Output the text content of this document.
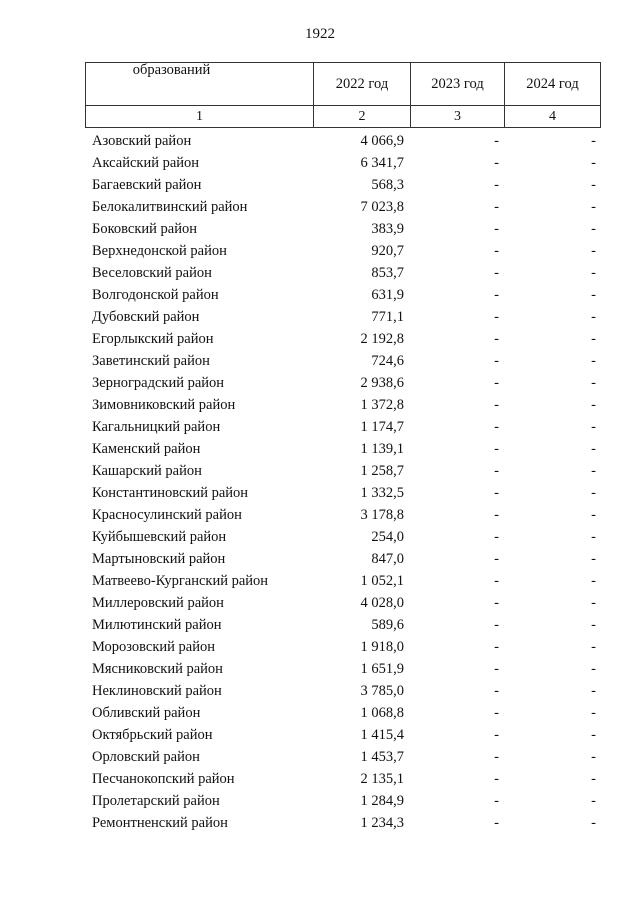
1922
образований	2022 год	2023 год	2024 год
1	2	3	4
Азовский район	4 066,9	-	-
Аксайский район	6 341,7	-	-
Багаевский район	568,3	-	-
Белокалитвинский район	7 023,8	-	-
Боковский район	383,9	-	-
Верхнедонской район	920,7	-	-
Веселовский район	853,7	-	-
Волгодонской район	631,9	-	-
Дубовский район	771,1	-	-
Егорлыкский район	2 192,8	-	-
Заветинский район	724,6	-	-
Зерноградский район	2 938,6	-	-
Зимовниковский район	1 372,8	-	-
Кагальницкий район	1 174,7	-	-
Каменский район	1 139,1	-	-
Кашарский район	1 258,7	-	-
Константиновский район	1 332,5	-	-
Красносулинский район	3 178,8	-	-
Куйбышевский район	254,0	-	-
Мартыновский район	847,0	-	-
Матвеево-Курганский район	1 052,1	-	-
Миллеровский район	4 028,0	-	-
Милютинский район	589,6	-	-
Морозовский район	1 918,0	-	-
Мясниковский район	1 651,9	-	-
Неклиновский район	3 785,0	-	-
Обливский район	1 068,8	-	-
Октябрьский район	1 415,4	-	-
Орловский район	1 453,7	-	-
Песчанокопский район	2 135,1	-	-
Пролетарский район	1 284,9	-	-
Ремонтненский район	1 234,3	-	-
